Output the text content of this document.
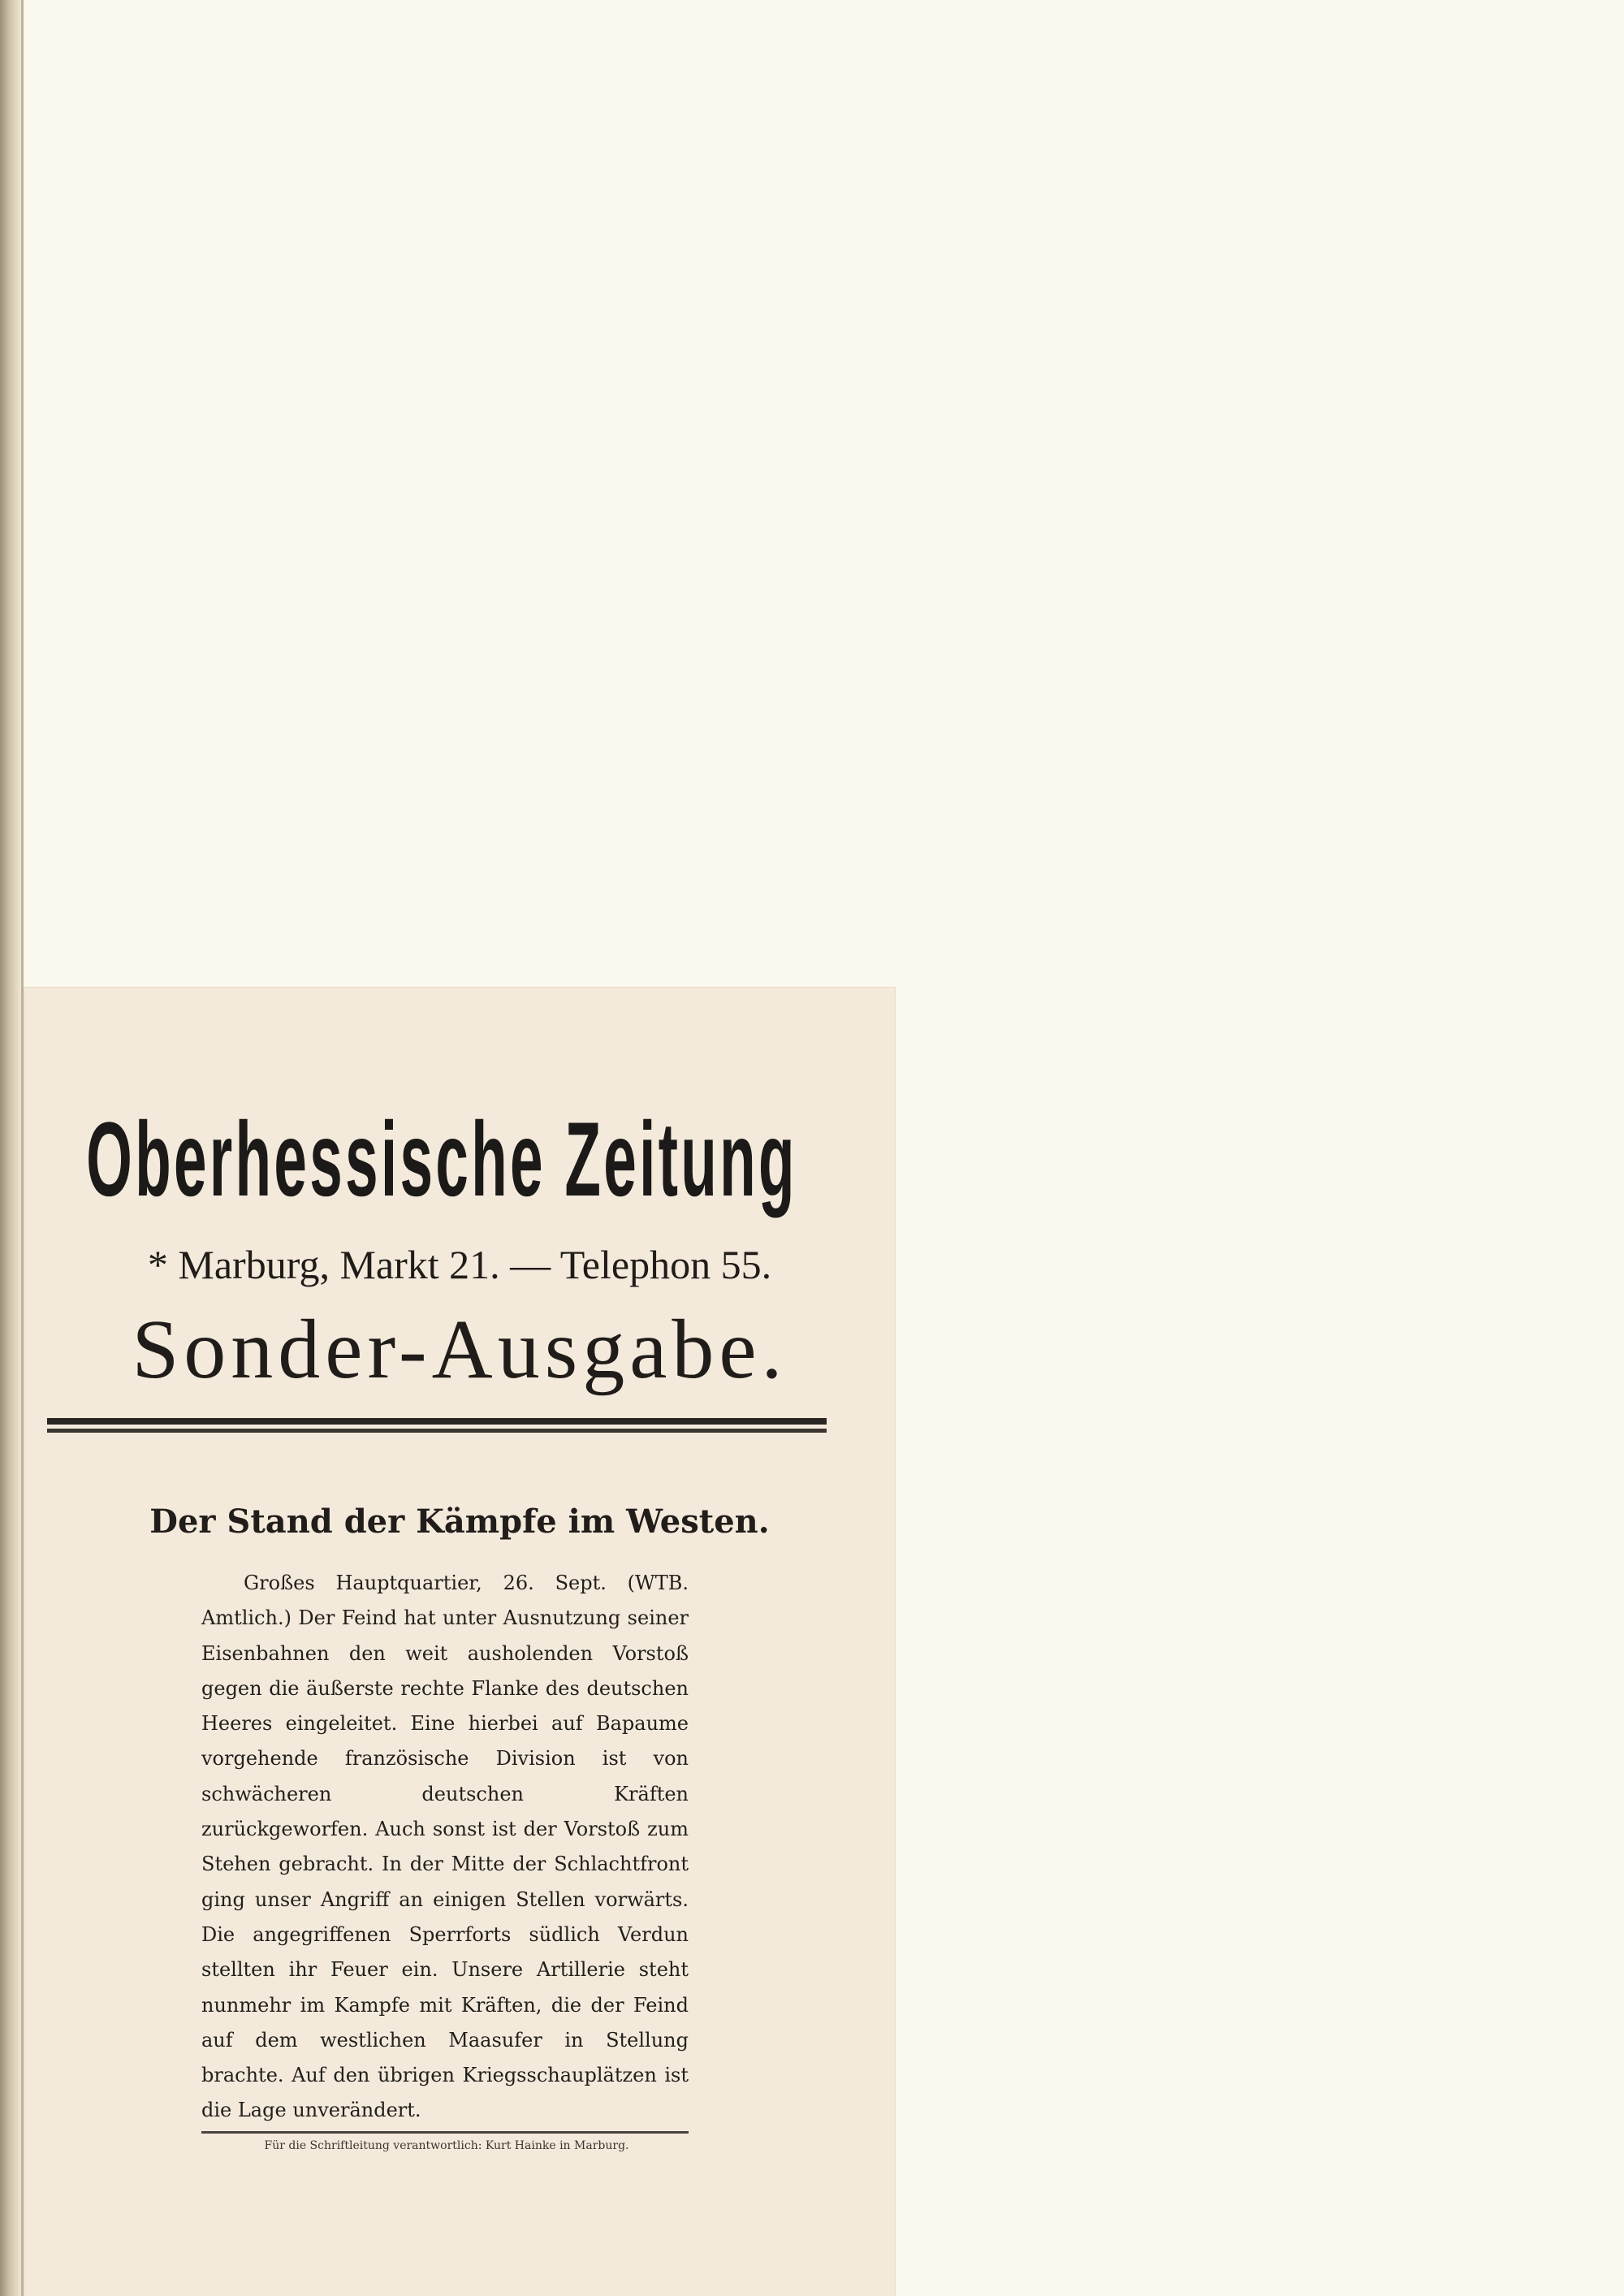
Oberhessische Zeitung
* Marburg, Markt 21. — Telephon 55.
Sonder-Ausgabe.
Der Stand der Kämpfe im Westen.
Großes Hauptquartier, 26. Sept. (WTB. Amtlich.) Der Feind hat unter Ausnutzung seiner Eisenbahnen den weit ausholenden Vorstoß gegen die äußerste rechte Flanke des deutschen Heeres eingeleitet. Eine hierbei auf Bapaume vorgehende französische Division ist von schwächeren deutschen Kräften zurückgeworfen. Auch sonst ist der Vorstoß zum Stehen gebracht. In der Mitte der Schlachtfront ging unser Angriff an einigen Stellen vorwärts. Die angegriffenen Sperrforts südlich Verdun stellten ihr Feuer ein. Unsere Artillerie steht nunmehr im Kampfe mit Kräften, die der Feind auf dem westlichen Maasufer in Stellung brachte. Auf den übrigen Kriegsschauplätzen ist die Lage unverändert.
Für die Schriftleitung verantwortlich: Kurt Hainke in Marburg.
